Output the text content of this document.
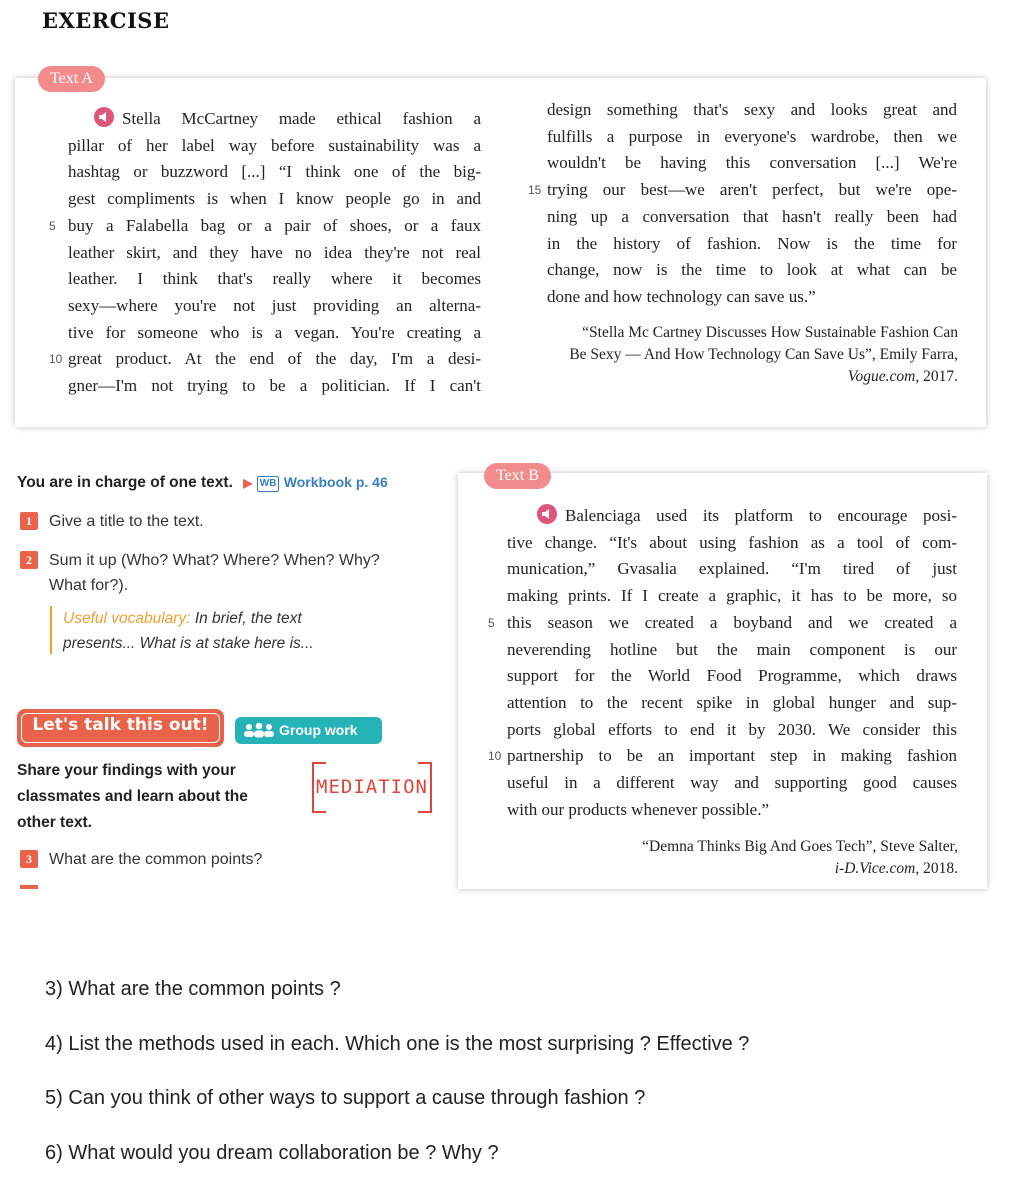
EXERCISE
Text A
Stella McCartney made ethical fashion a
pillar of her label way before sustainability was a
hashtag or buzzword [...] “I think one of the big-
gest compliments is when I know people go in and
5 buy a Falabella bag or a pair of shoes, or a faux
leather skirt, and they have no idea they're not real
leather. I think that's really where it becomes
sexy—where you're not just providing an alterna-
tive for someone who is a vegan. You're creating a
10 great product. At the end of the day, I'm a desi-
gner—I'm not trying to be a politician. If I can't
design something that's sexy and looks great and
fulfills a purpose in everyone's wardrobe, then we
wouldn't be having this conversation [...] We're
15 trying our best—we aren't perfect, but we're ope-
ning up a conversation that hasn't really been had
in the history of fashion. Now is the time for
change, now is the time to look at what can be
done and how technology can save us.”
“Stella Mc Cartney Discusses How Sustainable Fashion Can
Be Sexy — And How Technology Can Save Us”, Emily Farra,
Vogue.com, 2017.
You are in charge of one text. ▶ WB Workbook p. 46
1	Give a title to the text.
2	Sum it up (Who? What? Where? When? Why?
What for?).
Useful vocabulary: In brief, the text
presents... What is at stake here is...
Let's talk this out!	Group work
Share your findings with your
classmates and learn about the
other text.
MEDIATION
3	What are the common points?
Text B
Balenciaga used its platform to encourage posi-
tive change. “It's about using fashion as a tool of com-
munication,” Gvasalia explained. “I'm tired of just
making prints. If I create a graphic, it has to be more, so
5 this season we created a boyband and we created a
neverending hotline but the main component is our
support for the World Food Programme, which draws
attention to the recent spike in global hunger and sup-
ports global efforts to end it by 2030. We consider this
10 partnership to be an important step in making fashion
useful in a different way and supporting good causes
with our products whenever possible.”
“Demna Thinks Big And Goes Tech”, Steve Salter,
i-D.Vice.com, 2018.
3) What are the common points ?
4) List the methods used in each. Which one is the most surprising ? Effective ?
5) Can you think of other ways to support a cause through fashion ?
6) What would you dream collaboration be ? Why ?
